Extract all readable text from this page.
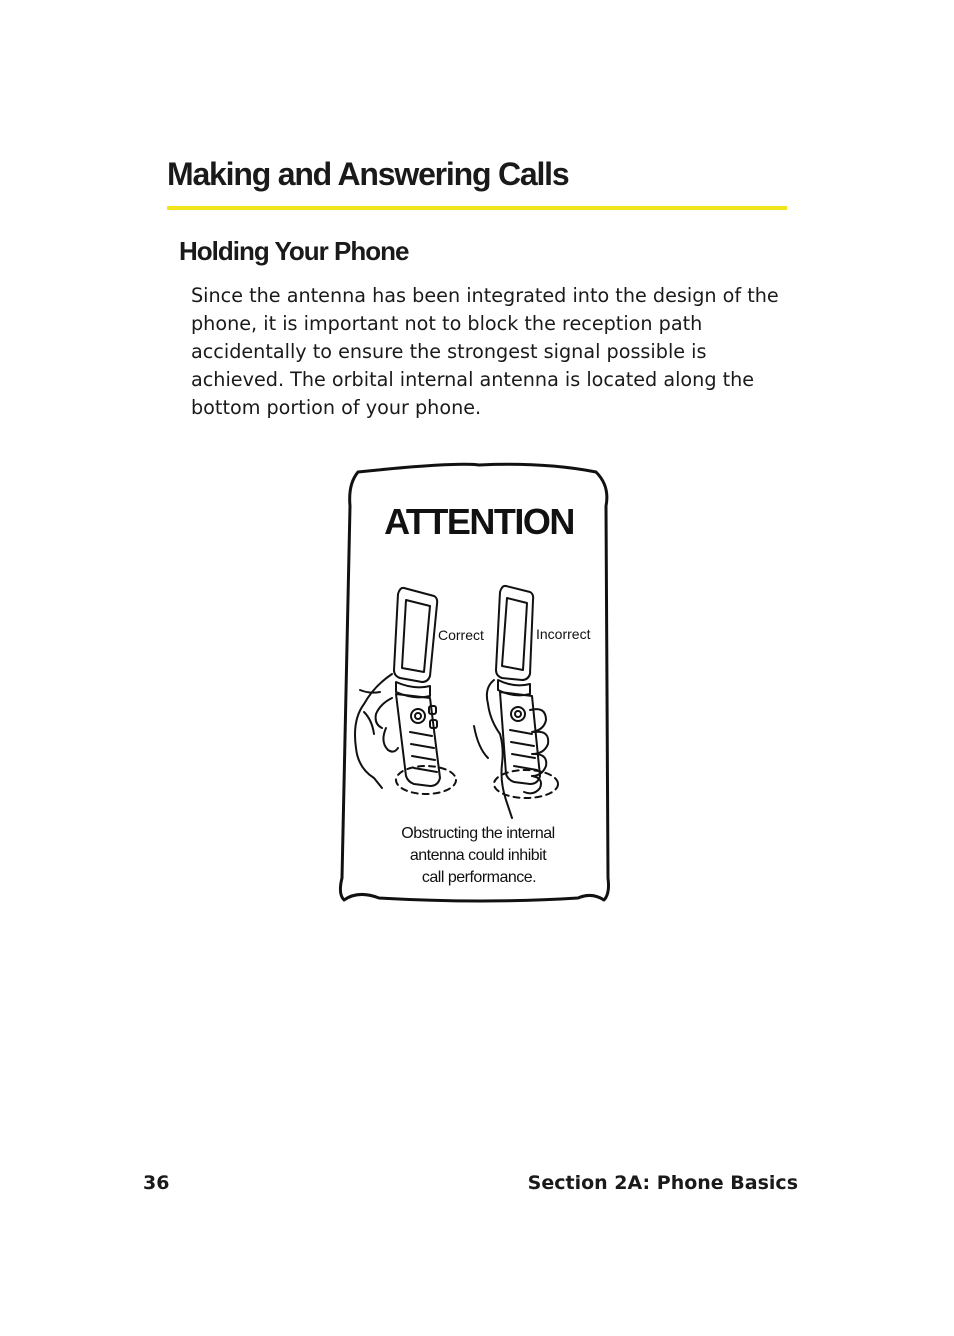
Making and Answering Calls
Holding Your Phone

Since the antenna has been integrated into the design of the phone, it is important not to block the reception path accidentally to ensure the strongest signal possible is achieved. The orbital internal antenna is located along the bottom portion of your phone.

ATTENTION
Correct	Incorrect
Obstructing the internal
antenna could inhibit
call performance.
36	Section 2A: Phone Basics
